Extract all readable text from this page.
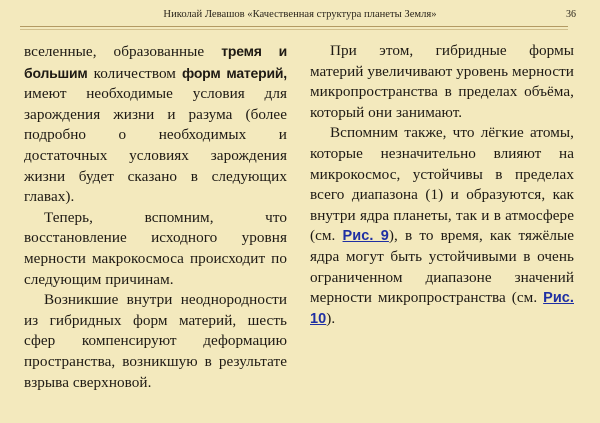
Николай Левашов «Качественная структура планеты Земля»	36

вселенные, образованные тремя и большим количеством форм материй, имеют необходимые условия для зарождения жизни и разума (более подробно о необходимых и достаточных условиях зарождения жизни будет сказано в следующих главах).

Теперь, вспомним, что восстановление исходного уровня мерности макрокосмоса происходит по следующим причинам.

Возникшие внутри неоднородности из гибридных форм материй, шесть сфер компенсируют деформацию пространства, возникшую в результате взрыва сверхновой.

При этом, гибридные формы материй увеличивают уровень мерности микропространства в пределах объёма, который они занимают.

Вспомним также, что лёгкие атомы, которые незначительно влияют на микрокосмос, устойчивы в пределах всего диапазона (1) и образуются, как внутри ядра планеты, так и в атмосфере (см. Рис. 9), в то время, как тяжёлые ядра могут быть устойчивыми в очень ограниченном диапазоне значений мерности микропространства (см. Рис. 10).
